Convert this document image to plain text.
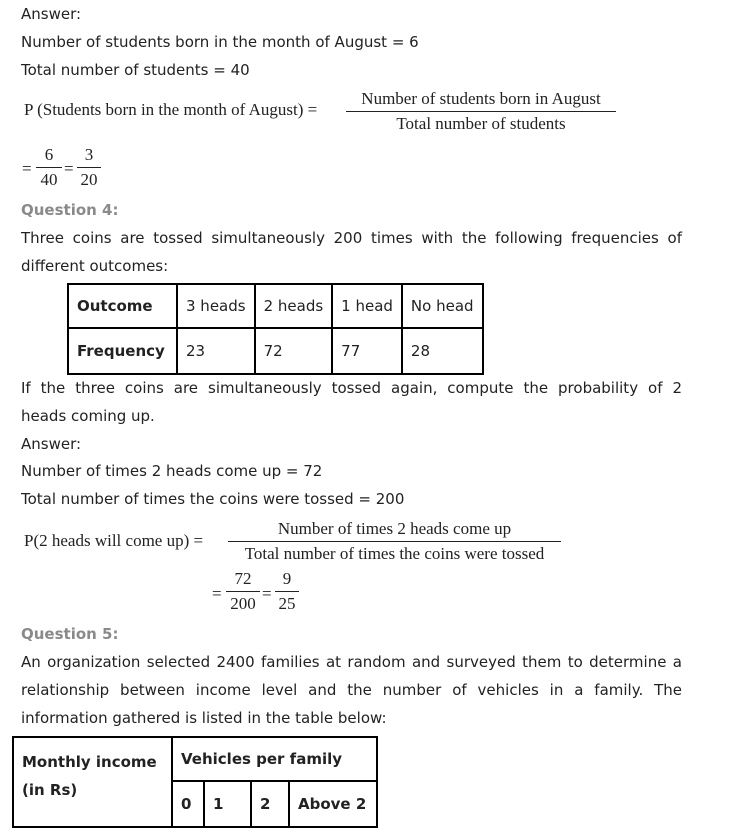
Answer:
Number of students born in the month of August = 6
Total number of students = 40
P (Students born in the month of August) =
Number of students born in August
Total number of students
=
6
40
=
3
20
Question 4:
Three coins are tossed simultaneously 200 times with the following frequencies of
different outcomes:
Outcome	3 heads	2 heads	1 head	No head
Frequency	23	72	77	28
If the three coins are simultaneously tossed again, compute the probability of 2
heads coming up.
Answer:
Number of times 2 heads come up = 72
Total number of times the coins were tossed = 200
P(2 heads will come up) =
Number of times 2 heads come up
Total number of times the coins were tossed
=
72
200
=
9
25
Question 5:
An organization selected 2400 families at random and surveyed them to determine a
relationship between income level and the number of vehicles in a family. The
information gathered is listed in the table below:
Monthly income
(in Rs)	Vehicles per family			
	0	1	2	Above 2
